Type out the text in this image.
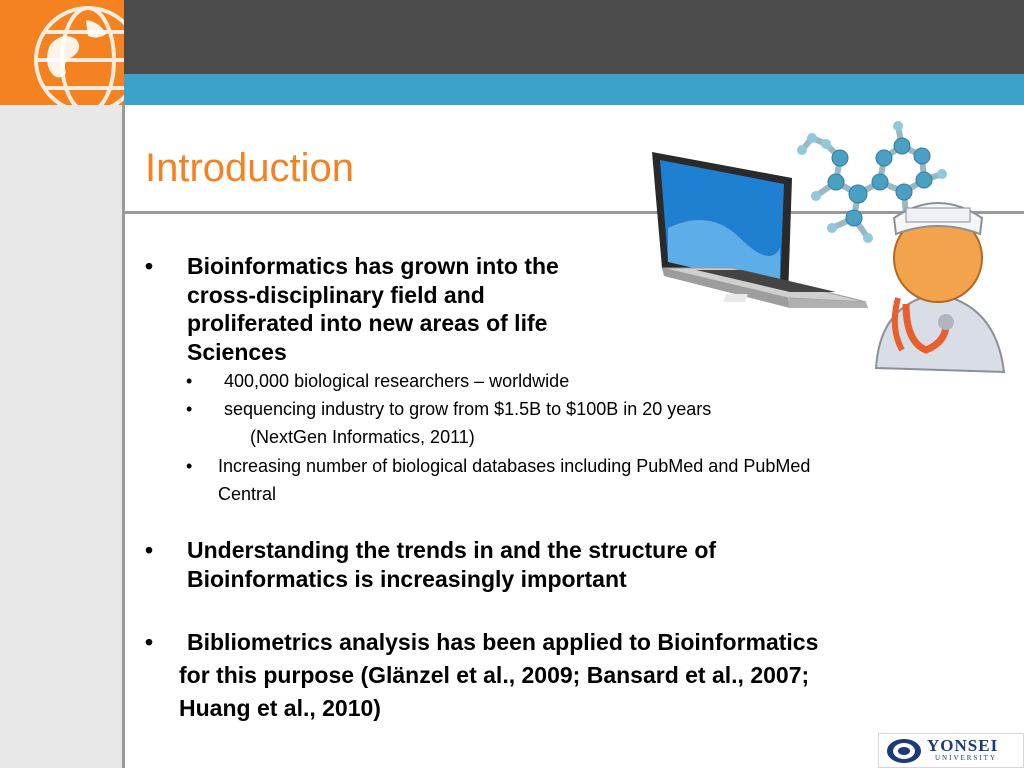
Introduction
•	Bioinformatics has grown into the
cross-disciplinary field and
proliferated into new areas of life
Sciences
•	400,000 biological researchers – worldwide
•	sequencing industry to grow from $1.5B to $100B in 20 years
(NextGen Informatics, 2011)
•	Increasing number of biological databases including PubMed and PubMed
Central
•	Understanding the trends in and the structure of
Bioinformatics is increasingly important
•	Bibliometrics analysis has been applied to Bioinformatics
for this purpose (Glänzel et al., 2009; Bansard et al., 2007;
Huang et al., 2010)
YONSEI
UNIVERSITY
